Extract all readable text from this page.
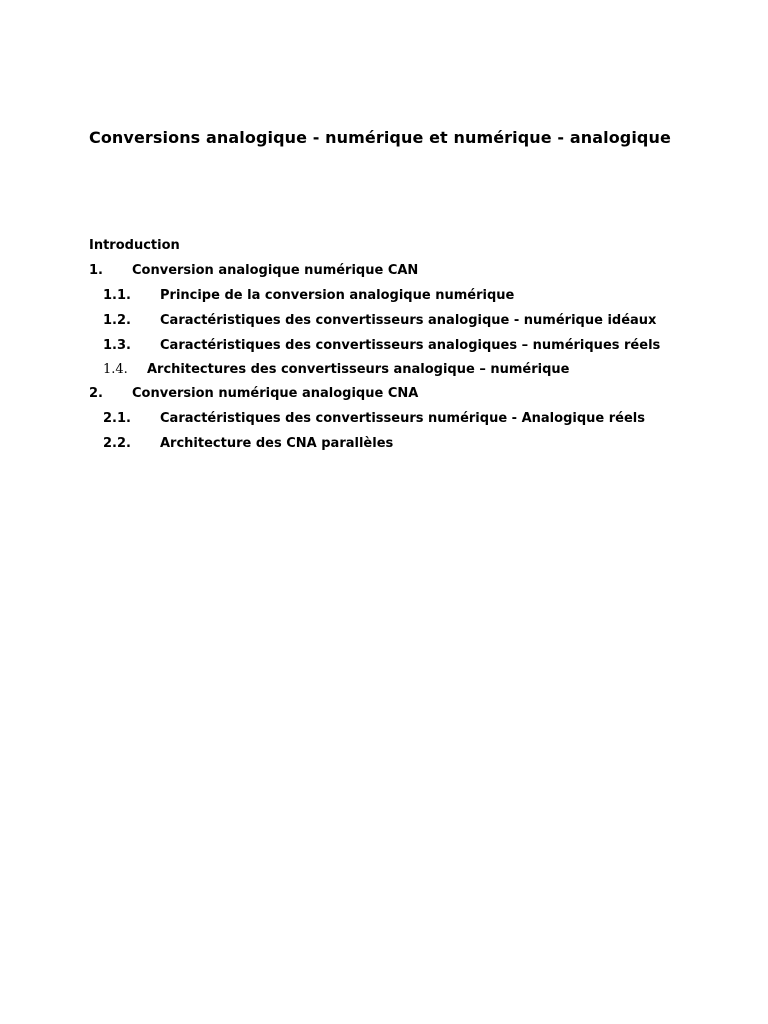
Conversions analogique - numérique et numérique - analogique
Introduction
1. Conversion analogique numérique CAN
1.1. Principe de la conversion analogique numérique
1.2. Caractéristiques des convertisseurs analogique - numérique idéaux
1.3. Caractéristiques des convertisseurs analogiques – numériques réels
1.4. Architectures des convertisseurs analogique – numérique
2. Conversion numérique analogique CNA
2.1. Caractéristiques des convertisseurs numérique - Analogique réels
2.2. Architecture des CNA parallèles
